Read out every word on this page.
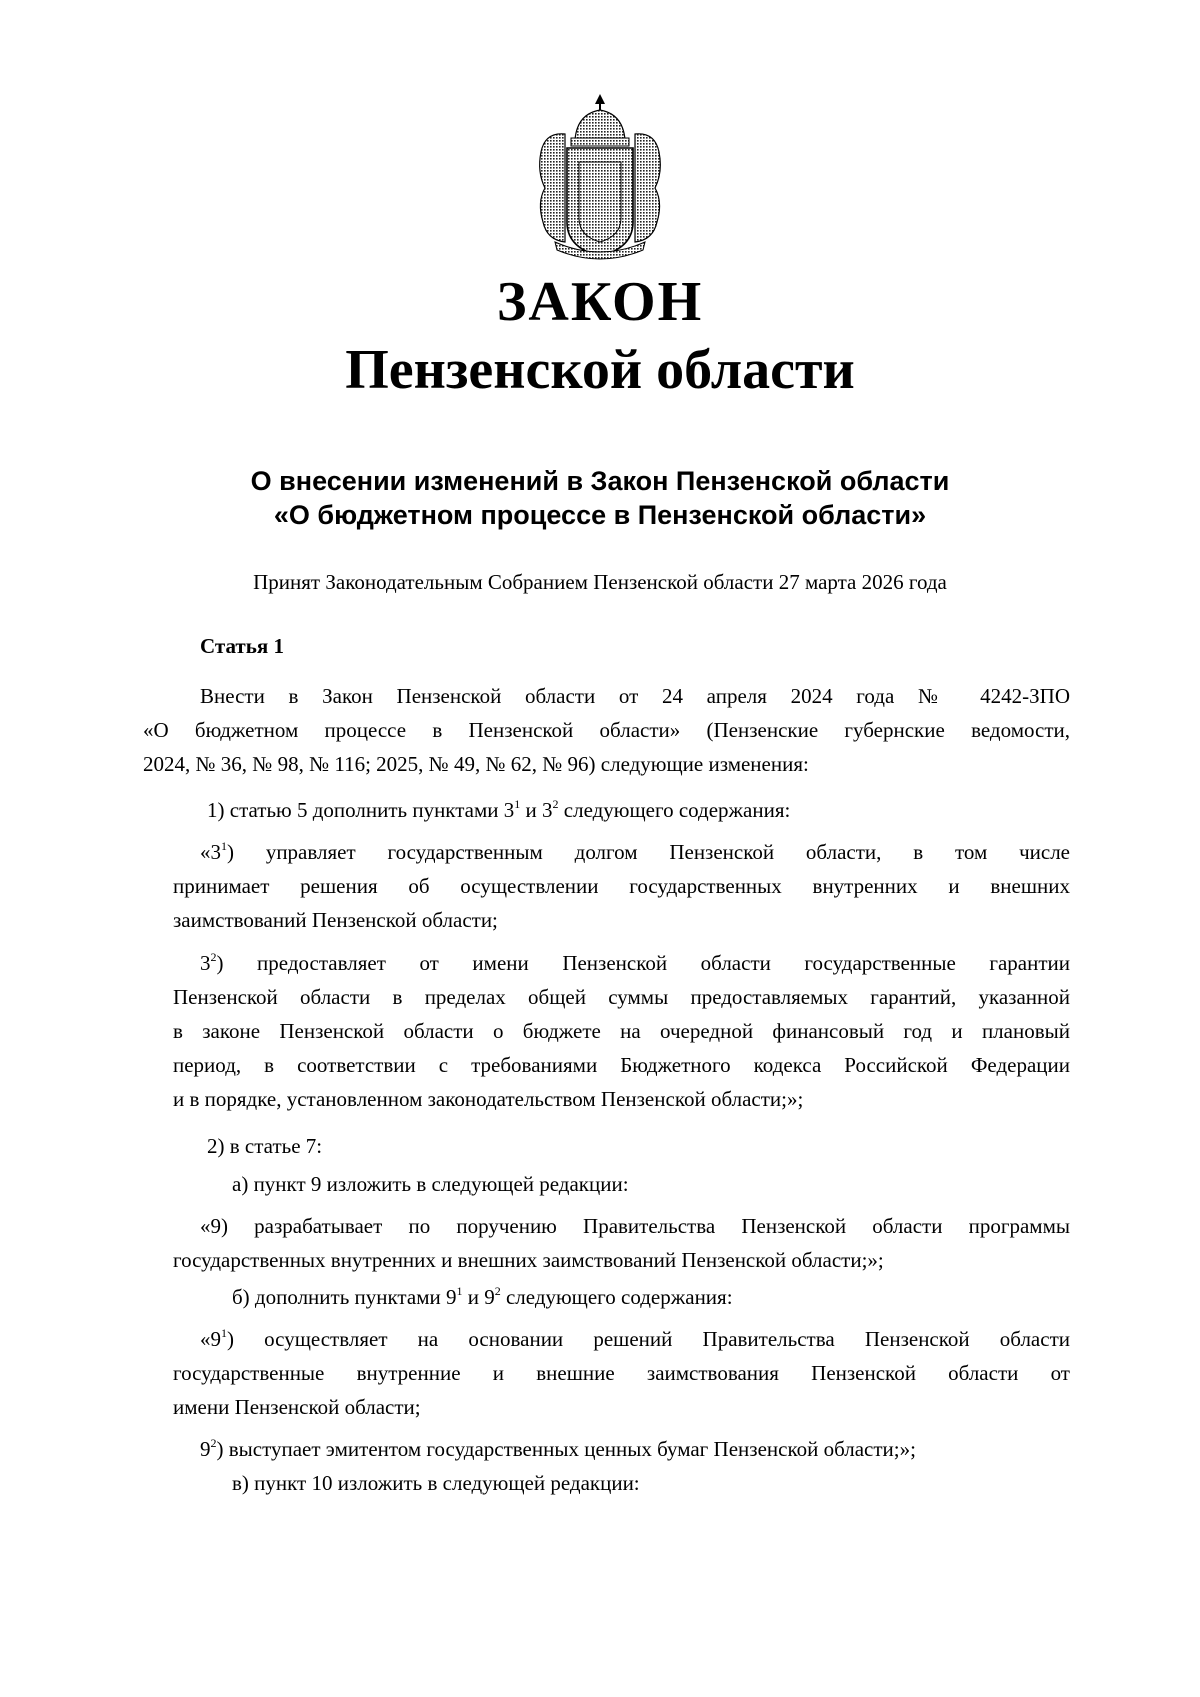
ЗАКОН
Пензенской области
О внесении изменений в Закон Пензенской области
«О бюджетном процессе в Пензенской области»

Принят Законодательным Собранием Пензенской области 27 марта 2026 года

Статья 1

Внести в Закон Пензенской области от 24 апреля 2024 года № 4242-ЗПО

«О бюджетном процессе в Пензенской области» (Пензенские губернские ведомости,

2024, № 36, № 98, № 116; 2025, № 49, № 62, № 96) следующие изменения:

1) статью 5 дополнить пунктами $3^1$ и $3^2$ следующего содержания:

«$3^1$) управляет государственным долгом Пензенской области, в том числе

принимает решения об осуществлении государственных внутренних и внешних

заимствований Пензенской области;

$3^2$) предоставляет от имени Пензенской области государственные гарантии

Пензенской области в пределах общей суммы предоставляемых гарантий, указанной

в законе Пензенской области о бюджете на очередной финансовый год и плановый

период, в соответствии с требованиями Бюджетного кодекса Российской Федерации

и в порядке, установленном законодательством Пензенской области;»;

2) в статье 7:

а) пункт 9 изложить в следующей редакции:

«9) разрабатывает по поручению Правительства Пензенской области программы

государственных внутренних и внешних заимствований Пензенской области;»;

б) дополнить пунктами $9^1$ и $9^2$ следующего содержания:

«$9^1$) осуществляет на основании решений Правительства Пензенской области

государственные внутренние и внешние заимствования Пензенской области от

имени Пензенской области;

$9^2$) выступает эмитентом государственных ценных бумаг Пензенской области;»;

в) пункт 10 изложить в следующей редакции:
